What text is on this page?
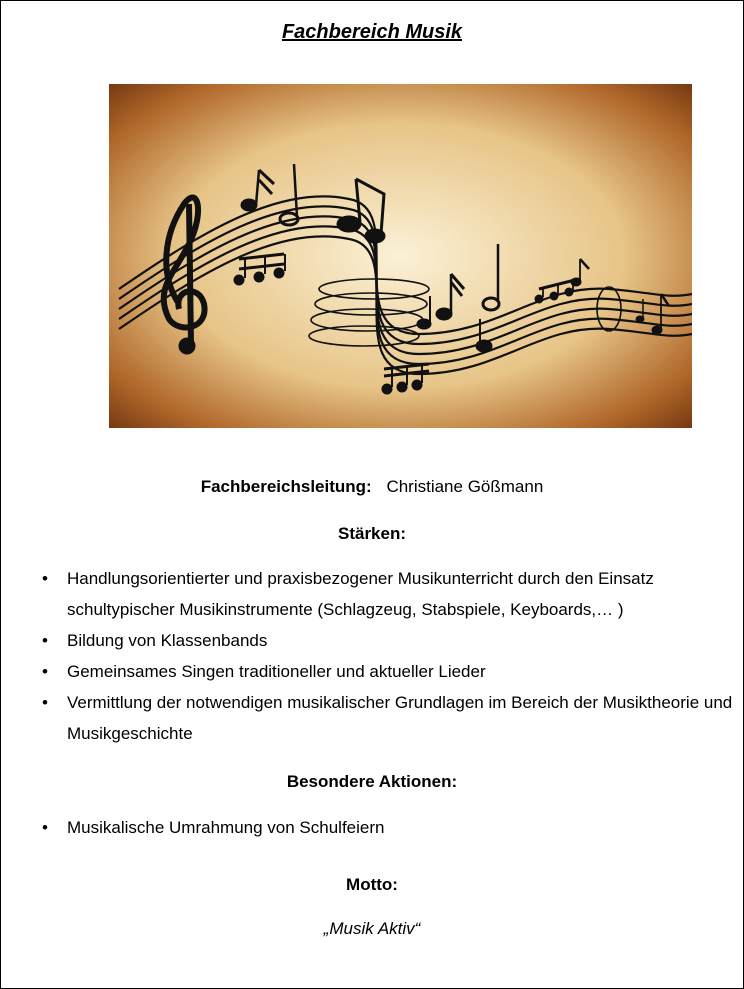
Fachbereich Musik
Fachbereichsleitung: Christiane Gößmann
Stärken:
• Handlungsorientierter und praxisbezogener Musikunterricht durch den Einsatz schultypischer Musikinstrumente (Schlagzeug, Stabspiele, Keyboards,… )
• Bildung von Klassenbands
• Gemeinsames Singen traditioneller und aktueller Lieder
• Vermittlung der notwendigen musikalischer Grundlagen im Bereich der Musiktheorie und Musikgeschichte
Besondere Aktionen:
• Musikalische Umrahmung von Schulfeiern
Motto:
„Musik Aktiv“
